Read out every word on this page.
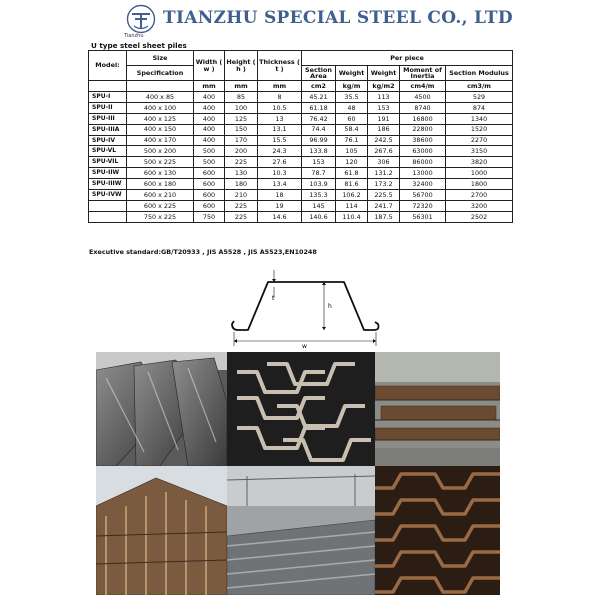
Tianzhu
TIANZHU SPECIAL STEEL CO., LTD
U type steel sheet piles
Model:	Size	Width ( w )	Height ( h )	Thickness ( t )	Per piece				
	Specification				Section Area	Weight	Weight	Moment of Inertia	Section Modulus
		mm	mm	mm	cm2	kg/m	kg/m2	cm4/m	cm3/m
SPU-I	400 x 85	400	85	8	45.21	35.5	113	4500	529
SPU-II	400 x 100	400	100	10.5	61.18	48	153	8740	874
SPU-III	400 x 125	400	125	13	76.42	60	191	16800	1340
SPU-IIIA	400 x 150	400	150	13.1	74.4	58.4	186	22800	1520
SPU-IV	400 x 170	400	170	15.5	96.99	76.1	242.5	38600	2270
SPU-VL	500 x 200	500	200	24.3	133.8	105	267.6	63000	3150
SPU-VIL	500 x 225	500	225	27.6	153	120	306	86000	3820
SPU-IIW	600 x 130	600	130	10.3	78.7	61.8	131.2	13000	1000
SPU-IIIW	600 x 180	600	180	13.4	103.9	81.6	173.2	32400	1800
SPU-IVW	600 x 210	600	210	18	135.3	106.2	225.5	56700	2700
	600 x 225	600	225	19	145	114	241.7	72320	3200
	750 x 225	750	225	14.6	140.6	110.4	187.5	56301	2502
Executive standard:GB/T20933 , JIS A5528 , JIS A5523,EN10248
t
h
w
